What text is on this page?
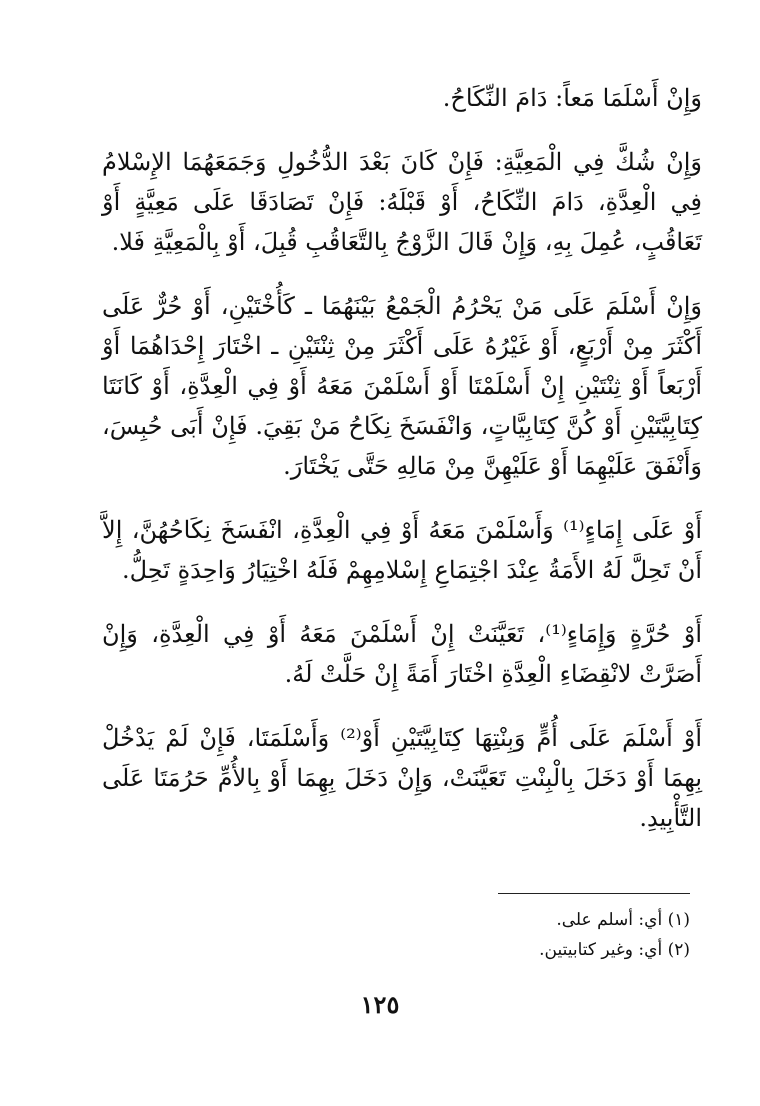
وَإِنْ أَسْلَمَا مَعاً: دَامَ النِّكَاحُ.

وَإِنْ شُكَّ فِي الْمَعِيَّةِ: فَإِنْ كَانَ بَعْدَ الدُّخُولِ وَجَمَعَهُمَا الإِسْلامُ فِي الْعِدَّةِ، دَامَ النِّكَاحُ، أَوْ قَبْلَهُ: فَإِنْ تَصَادَقَا عَلَى مَعِيَّةٍ أَوْ تَعَاقُبٍ، عُمِلَ بِهِ، وَإِنْ قَالَ الزَّوْجُ بِالتَّعَاقُبِ قُبِلَ، أَوْ بِالْمَعِيَّةِ فَلا.

وَإِنْ أَسْلَمَ عَلَى مَنْ يَحْرُمُ الْجَمْعُ بَيْنَهُمَا ـ كَأُخْتَيْنِ، أَوْ حُرٌّ عَلَى أَكْثَرَ مِنْ أَرْبَعٍ، أَوْ غَيْرُهُ عَلَى أَكْثَرَ مِنْ ثِنْتَيْنِ ـ اخْتَارَ إِحْدَاهُمَا أَوْ أَرْبَعاً أَوْ ثِنْتَيْنِ إِنْ أَسْلَمْتَا أَوْ أَسْلَمْنَ مَعَهُ أَوْ فِي الْعِدَّةِ، أَوْ كَانَتَا كِتَابِيَّتَيْنِ أَوْ كُنَّ كِتَابِيَّاتٍ، وَانْفَسَخَ نِكَاحُ مَنْ بَقِيَ. فَإِنْ أَبَى حُبِسَ، وَأَنْفَقَ عَلَيْهِمَا أَوْ عَلَيْهِنَّ مِنْ مَالِهِ حَتَّى يَخْتَارَ.

أَوْ عَلَى إِمَاءٍ⁽¹⁾ وَأَسْلَمْنَ مَعَهُ أَوْ فِي الْعِدَّةِ، انْفَسَخَ نِكَاحُهُنَّ، إِلاَّ أَنْ تَحِلَّ لَهُ الأَمَةُ عِنْدَ اجْتِمَاعِ إِسْلامِهِمْ فَلَهُ اخْتِيَارُ وَاحِدَةٍ تَحِلُّ.

أَوْ حُرَّةٍ وَإِمَاءٍ⁽¹⁾، تَعَيَّنَتْ إِنْ أَسْلَمْنَ مَعَهُ أَوْ فِي الْعِدَّةِ، وَإِنْ أَصَرَّتْ لانْقِضَاءِ الْعِدَّةِ اخْتَارَ أَمَةً إِنْ حَلَّتْ لَهُ.

أَوْ أَسْلَمَ عَلَى أُمٍّ وَبِنْتِهَا كِتَابِيَّتَيْنِ أَوْ⁽²⁾ وَأَسْلَمَتَا، فَإِنْ لَمْ يَدْخُلْ بِهِمَا أَوْ دَخَلَ بِالْبِنْتِ تَعَيَّنَتْ، وَإِنْ دَخَلَ بِهِمَا أَوْ بِالأُمِّ حَرُمَتَا عَلَى التَّأْبِيدِ.

(١) أي: أسلم على.

(٢) أي: وغير كتابيتين.

١٢٥
